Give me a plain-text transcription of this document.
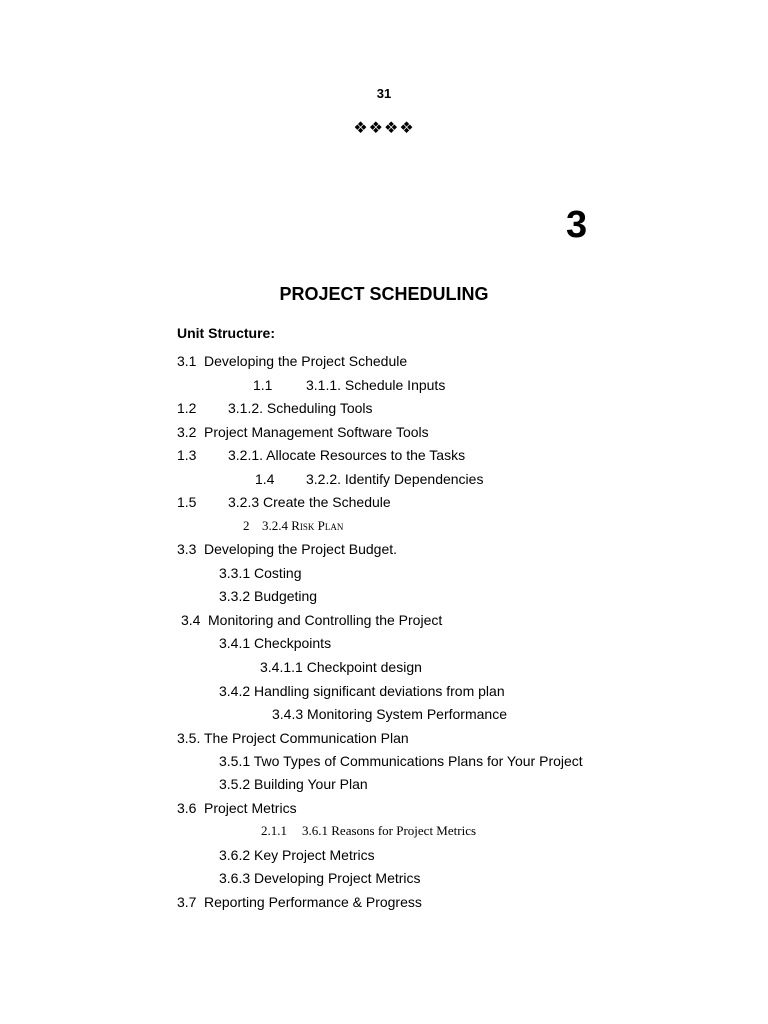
31
❖❖❖❖
3
PROJECT SCHEDULING
Unit Structure:
3.1 Developing the Project Schedule
1.1 3.1.1. Schedule Inputs
1.2 3.1.2. Scheduling Tools
3.2 Project Management Software Tools
1.3 3.2.1. Allocate Resources to the Tasks
1.4 3.2.2. Identify Dependencies
1.5 3.2.3 Create the Schedule
2 3.2.4 Risk Plan
3.3 Developing the Project Budget.
3.3.1 Costing
3.3.2 Budgeting
3.4 Monitoring and Controlling the Project
3.4.1 Checkpoints
3.4.1.1 Checkpoint design
3.4.2 Handling significant deviations from plan
3.4.3 Monitoring System Performance
3.5. The Project Communication Plan
3.5.1 Two Types of Communications Plans for Your Project
3.5.2 Building Your Plan
3.6 Project Metrics
2.1.1 3.6.1 Reasons for Project Metrics
3.6.2 Key Project Metrics
3.6.3 Developing Project Metrics
3.7 Reporting Performance & Progress
